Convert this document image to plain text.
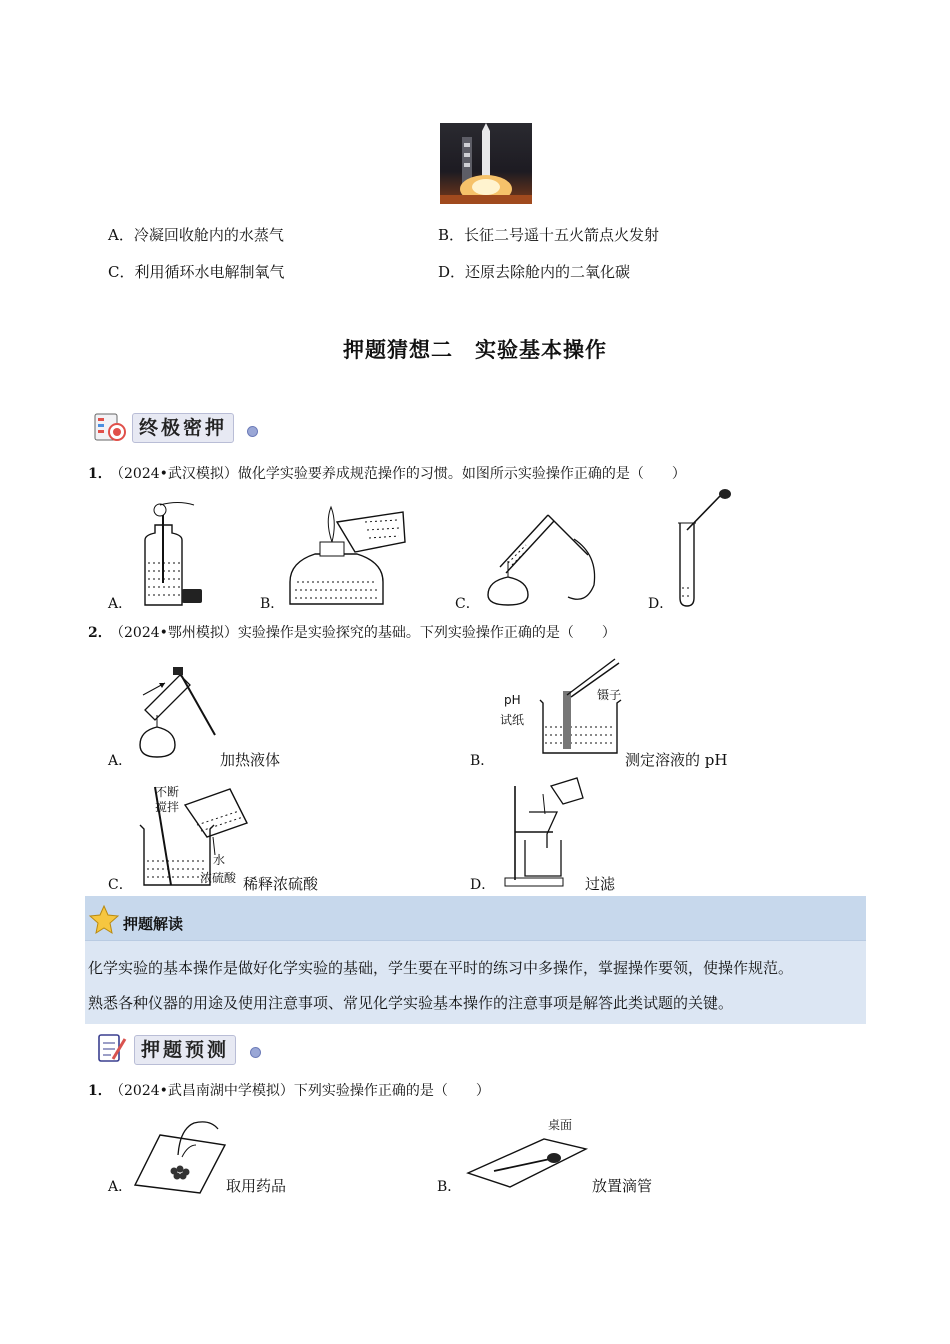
A．冷凝回收舱内的水蒸气	B．长征二号遥十五火箭点火发射
C．利用循环水电解制氧气	D．还原去除舱内的二氧化碳
押题猜想二　实验基本操作
终极密押
1．
（2024•武汉模拟）做化学实验要养成规范操作的习惯。如图所示实验操作正确的是（　　）
A．	B．	C．	D．
2．
（2024•鄂州模拟）实验操作是实验探究的基础。下列实验操作正确的是（　　）
A．	加热液体
pH
试纸
镊子
B．	测定溶液的 pH
不断
搅拌
水
浓硫酸
C．	稀释浓硫酸	D．	过滤
押题解读
化学实验的基本操作是做好化学实验的基础，学生要在平时的练习中多操作，掌握操作要领，使操作规范。
熟悉各种仪器的用途及使用注意事项、常见化学实验基本操作的注意事项是解答此类试题的关键。
押题预测
1．
（2024•武昌南湖中学模拟）下列实验操作正确的是（　　）
A．	取用药品
桌面
B．	放置滴管
